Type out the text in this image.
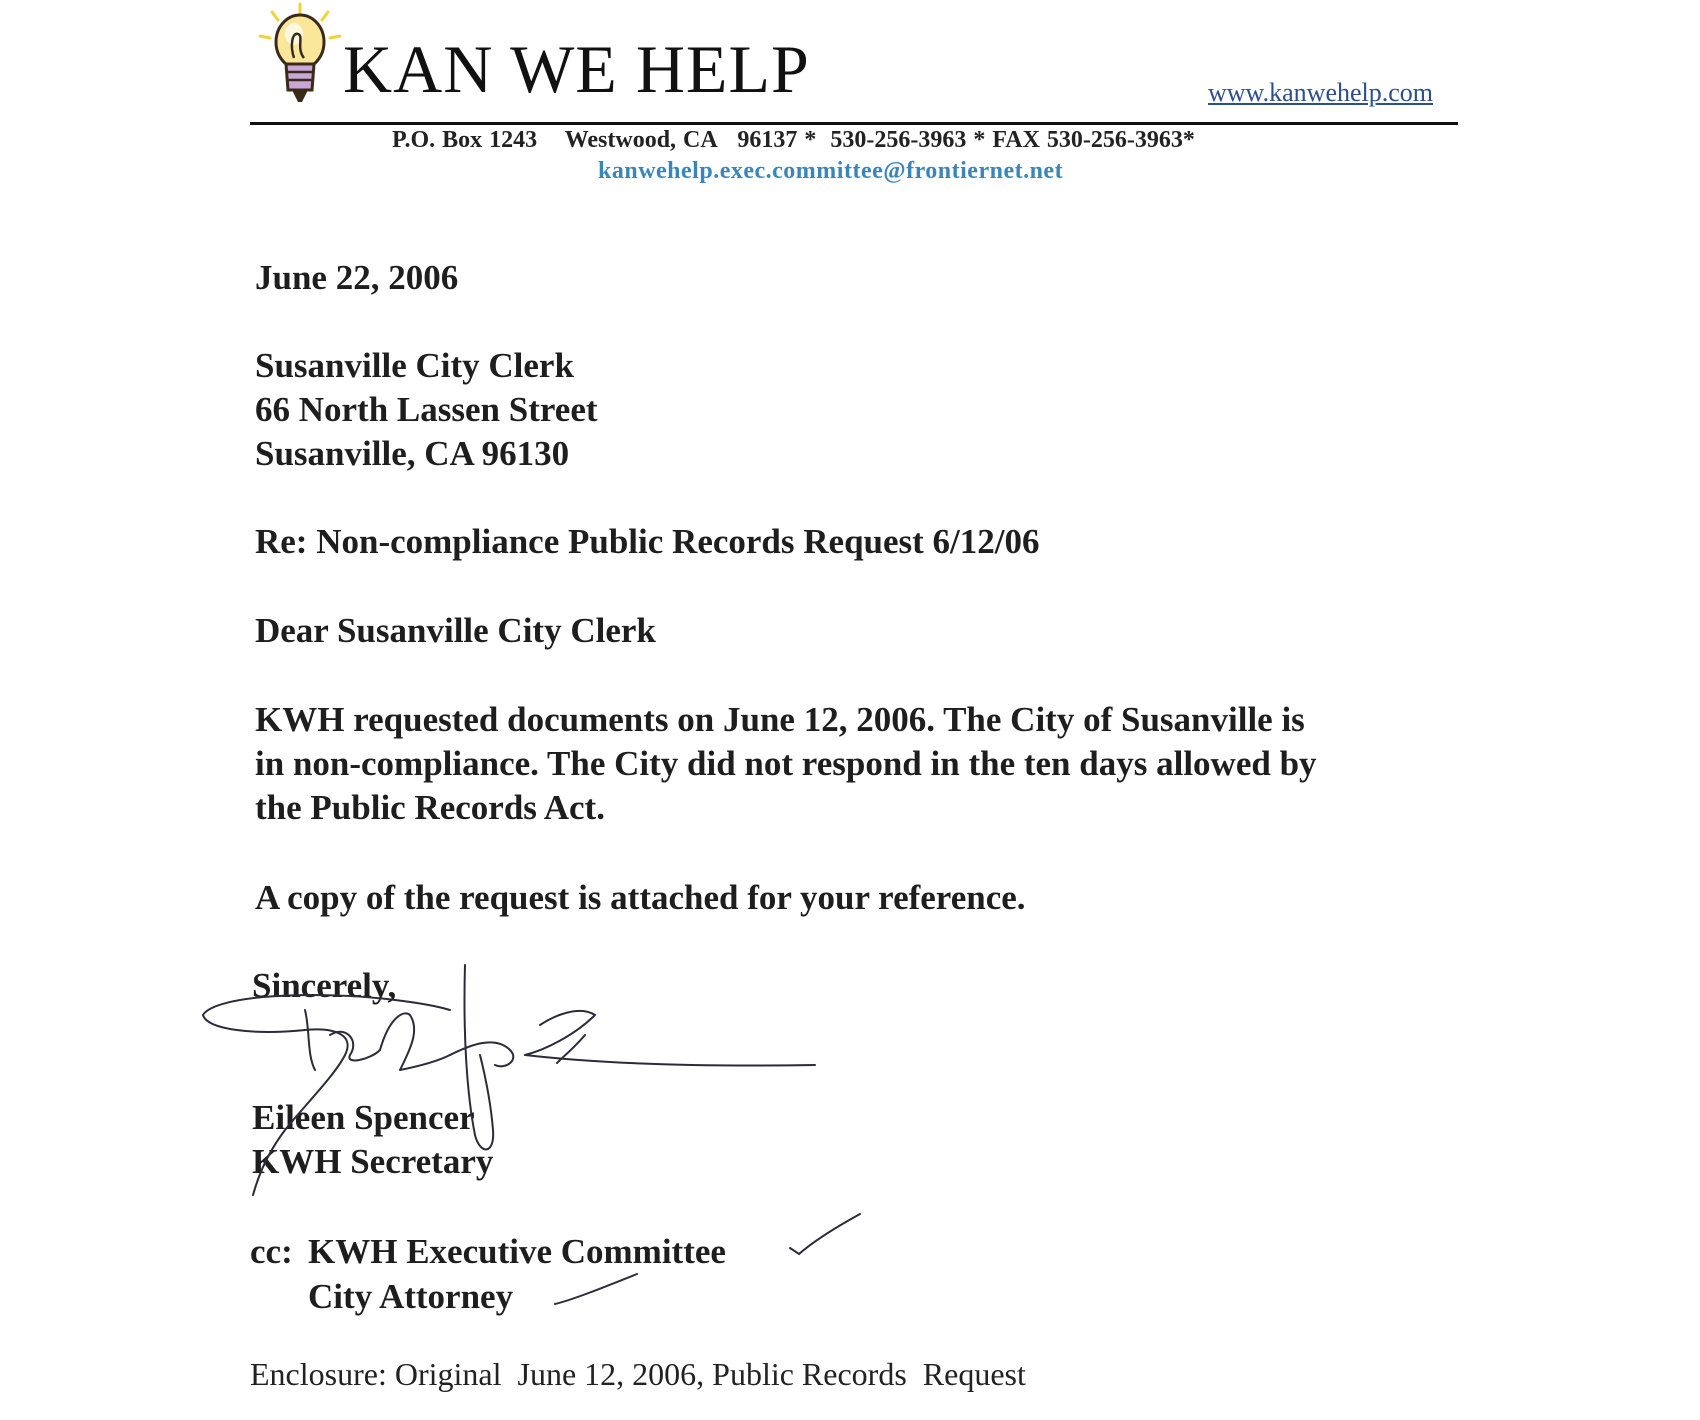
KAN WE HELP	www.kanwehelp.com
P.O. Box 1243    Westwood, CA   96137 *  530-256-3963 * FAX 530-256-3963*
kanwehelp.exec.committee@frontiernet.net
June 22, 2006
Susanville City Clerk
66 North Lassen Street
Susanville, CA 96130
Re: Non-compliance Public Records Request 6/12/06
Dear Susanville City Clerk
KWH requested documents on June 12, 2006. The City of Susanville is
in non-compliance. The City did not respond in the ten days allowed by
the Public Records Act.
A copy of the request is attached for your reference.
Sincerely,
Eileen Spencer
KWH Secretary
cc: KWH Executive Committee
City Attorney
Enclosure: Original  June 12, 2006, Public Records  Request
